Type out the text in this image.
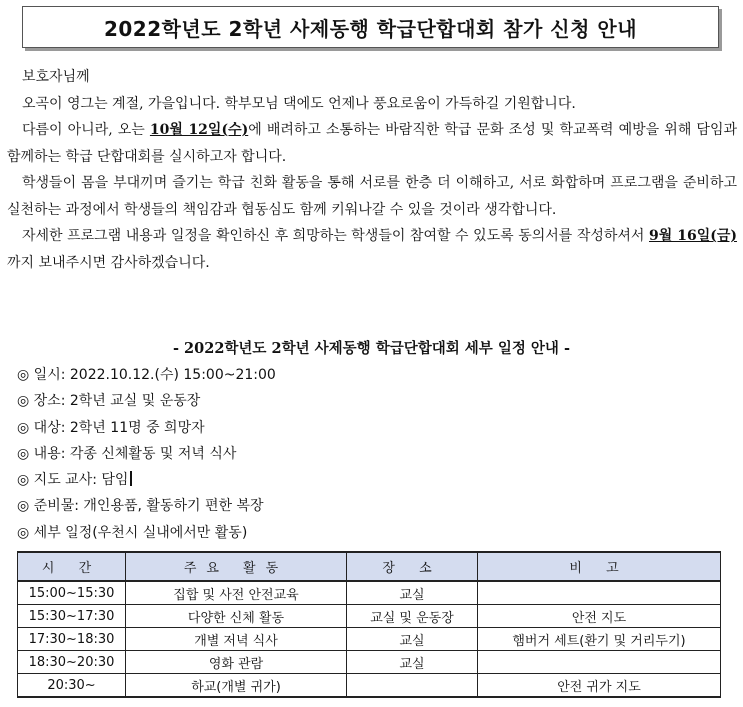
2022학년도 2학년 사제동행 학급단합대회 참가 신청 안내

보호자님께

오곡이 영그는 계절, 가을입니다. 학부모님 댁에도 언제나 풍요로움이 가득하길 기원합니다.

다름이 아니라, 오는 10월 12일(수)에 배려하고 소통하는 바람직한 학급 문화 조성 및 학교폭력 예방을 위해 담임과 함께하는 학급 단합대회를 실시하고자 합니다.

학생들이 몸을 부대끼며 즐기는 학급 친화 활동을 통해 서로를 한층 더 이해하고, 서로 화합하며 프로그램을 준비하고 실천하는 과정에서 학생들의 책임감과 협동심도 함께 키워나갈 수 있을 것이라 생각합니다.

자세한 프로그램 내용과 일정을 확인하신 후 희망하는 학생들이 참여할 수 있도록 동의서를 작성하셔서 9월 16일(금)까지 보내주시면 감사하겠습니다.

- 2022학년도 2학년 사제동행 학급단합대회 세부 일정 안내 -
◎ 일시: 2022.10.12.(수) 15:00~21:00
◎ 장소: 2학년 교실 및 운동장
◎ 대상: 2학년 11명 중 희망자
◎ 내용: 각종 신체활동 및 저녁 식사
◎ 지도 교사: 담임
◎ 준비물: 개인용품, 활동하기 편한 복장
◎ 세부 일정(우천시 실내에서만 활동)
시 간	주요 활동	장 소	비 고
15:00~15:30	집합 및 사전 안전교육	교실	
15:30~17:30	다양한 신체 활동	교실 및 운동장	안전 지도
17:30~18:30	개별 저녁 식사	교실	햄버거 세트(환기 및 거리두기)
18:30~20:30	영화 관람	교실	
20:30~	하교(개별 귀가)		안전 귀가 지도
